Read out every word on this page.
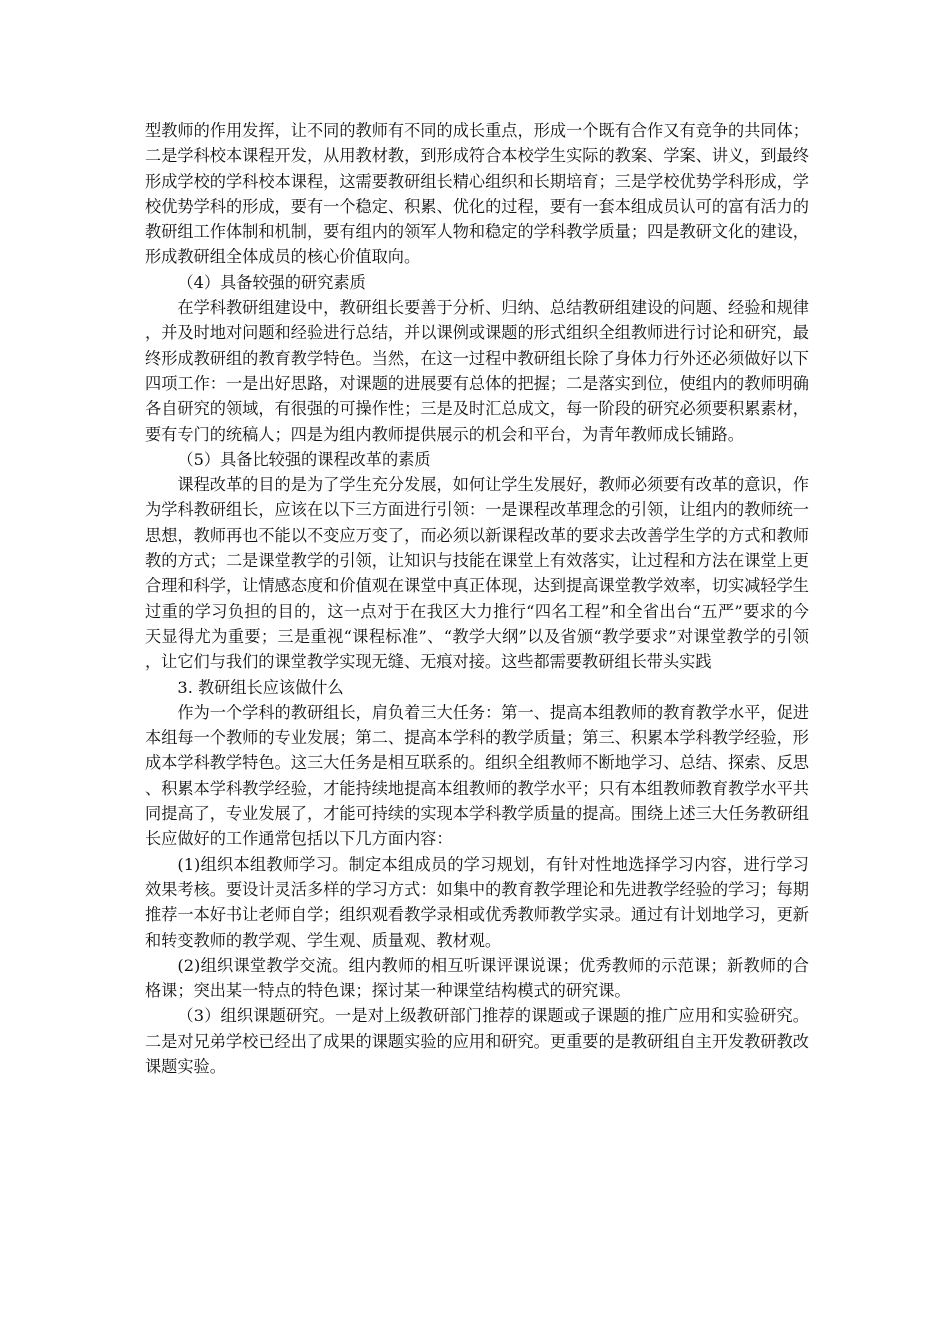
型教师的作用发挥，让不同的教师有不同的成长重点，形成一个既有合作又有竞争的共同体；二是学科校本课程开发，从用教材教，到形成符合本校学生实际的教案、学案、讲义，到最终形成学校的学科校本课程，这需要教研组长精心组织和长期培育；三是学校优势学科形成，学校优势学科的形成，要有一个稳定、积累、优化的过程，要有一套本组成员认可的富有活力的教研组工作体制和机制，要有组内的领军人物和稳定的学科教学质量；四是教研文化的建设，形成教研组全体成员的核心价值取向。

（4）具备较强的研究素质

在学科教研组建设中，教研组长要善于分析、归纳、总结教研组建设的问题、经验和规律，并及时地对问题和经验进行总结，并以课例或课题的形式组织全组教师进行讨论和研究，最终形成教研组的教育教学特色。当然，在这一过程中教研组长除了身体力行外还必须做好以下四项工作：一是出好思路，对课题的进展要有总体的把握；二是落实到位，使组内的教师明确各自研究的领域，有很强的可操作性；三是及时汇总成文，每一阶段的研究必须要积累素材，要有专门的统稿人；四是为组内教师提供展示的机会和平台，为青年教师成长铺路。

（5）具备比较强的课程改革的素质

课程改革的目的是为了学生充分发展，如何让学生发展好，教师必须要有改革的意识，作为学科教研组长，应该在以下三方面进行引领：一是课程改革理念的引领，让组内的教师统一思想，教师再也不能以不变应万变了，而必须以新课程改革的要求去改善学生学的方式和教师教的方式；二是课堂教学的引领，让知识与技能在课堂上有效落实，让过程和方法在课堂上更合理和科学，让情感态度和价值观在课堂中真正体现，达到提高课堂教学效率，切实减轻学生过重的学习负担的目的，这一点对于在我区大力推行“四名工程”和全省出台“五严”要求的今天显得尤为重要；三是重视“课程标准”、“教学大纲”以及省颁“教学要求”对课堂教学的引领，让它们与我们的课堂教学实现无缝、无痕对接。这些都需要教研组长带头实践

3. 教研组长应该做什么

作为一个学科的教研组长，肩负着三大任务：第一、提高本组教师的教育教学水平，促进本组每一个教师的专业发展；第二、提高本学科的教学质量；第三、积累本学科教学经验，形成本学科教学特色。这三大任务是相互联系的。组织全组教师不断地学习、总结、探索、反思、积累本学科教学经验，才能持续地提高本组教师的教学水平；只有本组教师教育教学水平共同提高了，专业发展了，才能可持续的实现本学科教学质量的提高。围绕上述三大任务教研组长应做好的工作通常包括以下几方面内容：

(1)组织本组教师学习。制定本组成员的学习规划，有针对性地选择学习内容，进行学习效果考核。要设计灵活多样的学习方式：如集中的教育教学理论和先进教学经验的学习；每期推荐一本好书让老师自学；组织观看教学录相或优秀教师教学实录。通过有计划地学习，更新和转变教师的教学观、学生观、质量观、教材观。

(2)组织课堂教学交流。组内教师的相互听课评课说课；优秀教师的示范课；新教师的合格课；突出某一特点的特色课；探讨某一种课堂结构模式的研究课。

（3）组织课题研究。一是对上级教研部门推荐的课题或子课题的推广应用和实验研究。二是对兄弟学校已经出了成果的课题实验的应用和研究。更重要的是教研组自主开发教研教改课题实验。
